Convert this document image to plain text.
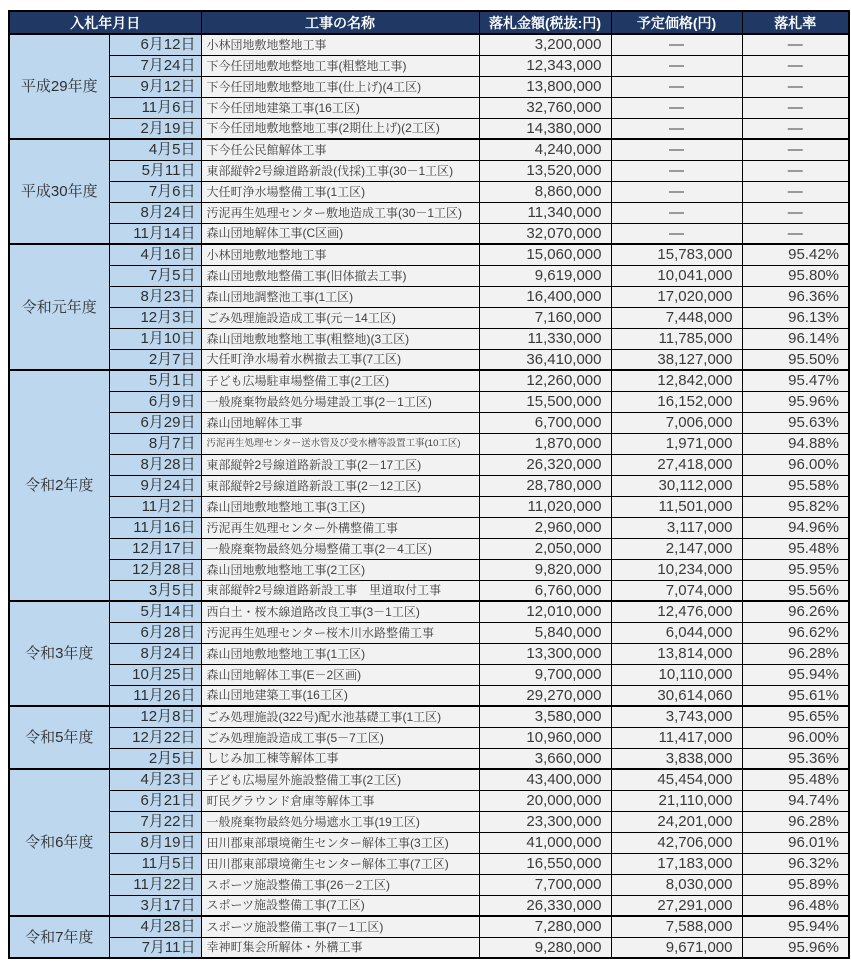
入札年月日		工事の名称	落札金額(税抜:円)	予定価格(円)	落札率
平成29年度	6月12日	小林団地敷地整地工事	3,200,000	—	—
	7月24日	下今任団地敷地整地工事(粗整地工事)	12,343,000	—	—
	9月12日	下今任団地敷地整地工事(仕上げ)(4工区)	13,800,000	—	—
	11月6日	下今任団地建築工事(16工区)	32,760,000	—	—
	2月19日	下今任団地敷地整地工事(2期仕上げ)(2工区)	14,380,000	—	—
平成30年度	4月5日	下今任公民館解体工事	4,240,000	—	—
	5月11日	東部縦幹2号線道路新設(伐採)工事(30－1工区)	13,520,000	—	—
	7月6日	大任町浄水場整備工事(1工区)	8,860,000	—	—
	8月24日	汚泥再生処理センター敷地造成工事(30－1工区)	11,340,000	—	—
	11月14日	森山団地解体工事(C区画)	32,070,000	—	—
令和元年度	4月16日	小林団地敷地整地工事	15,060,000	15,783,000	95.42%
	7月5日	森山団地敷地整備工事(旧体撤去工事)	9,619,000	10,041,000	95.80%
	8月23日	森山団地調整池工事(1工区)	16,400,000	17,020,000	96.36%
	12月3日	ごみ処理施設造成工事(元－14工区)	7,160,000	7,448,000	96.13%
	1月10日	森山団地敷地整地工事(粗整地)(3工区)	11,330,000	11,785,000	96.14%
	2月7日	大任町浄水場着水桝撤去工事(7工区)	36,410,000	38,127,000	95.50%
令和2年度	5月1日	子ども広場駐車場整備工事(2工区)	12,260,000	12,842,000	95.47%
	6月9日	一般廃棄物最終処分場建設工事(2－1工区)	15,500,000	16,152,000	95.96%
	6月29日	森山団地解体工事	6,700,000	7,006,000	95.63%
	8月7日	汚泥再生処理センター送水管及び受水槽等設置工事(10工区)	1,870,000	1,971,000	94.88%
	8月28日	東部縦幹2号線道路新設工事(2－17工区)	26,320,000	27,418,000	96.00%
	9月24日	東部縦幹2号線道路新設工事(2－12工区)	28,780,000	30,112,000	95.58%
	11月2日	森山団地敷地整地工事(3工区)	11,020,000	11,501,000	95.82%
	11月16日	汚泥再生処理センター外構整備工事	2,960,000	3,117,000	94.96%
	12月17日	一般廃棄物最終処分場整備工事(2－4工区)	2,050,000	2,147,000	95.48%
	12月28日	森山団地敷地整地工事(2工区)	9,820,000	10,234,000	95.95%
	3月5日	東部縦幹2号線道路新設工事　里道取付工事	6,760,000	7,074,000	95.56%
令和3年度	5月14日	西白土・桜木線道路改良工事(3－1工区)	12,010,000	12,476,000	96.26%
	6月28日	汚泥再生処理センター桜木川水路整備工事	5,840,000	6,044,000	96.62%
	8月24日	森山団地敷地整地工事(1工区)	13,300,000	13,814,000	96.28%
	10月25日	森山団地解体工事(E－2区画)	9,700,000	10,110,000	95.94%
	11月26日	森山団地建築工事(16工区)	29,270,000	30,614,060	95.61%
令和5年度	12月8日	ごみ処理施設(322号)配水池基礎工事(1工区)	3,580,000	3,743,000	95.65%
	12月22日	ごみ処理施設造成工事(5－7工区)	10,960,000	11,417,000	96.00%
	2月5日	しじみ加工棟等解体工事	3,660,000	3,838,000	95.36%
令和6年度	4月23日	子ども広場屋外施設整備工事(2工区)	43,400,000	45,454,000	95.48%
	6月21日	町民グラウンド倉庫等解体工事	20,000,000	21,110,000	94.74%
	7月22日	一般廃棄物最終処分場遮水工事(19工区)	23,300,000	24,201,000	96.28%
	8月19日	田川郡東部環境衛生センター解体工事(3工区)	41,000,000	42,706,000	96.01%
	11月5日	田川郡東部環境衛生センター解体工事(7工区)	16,550,000	17,183,000	96.32%
	11月22日	スポーツ施設整備工事(26－2工区)	7,700,000	8,030,000	95.89%
	3月17日	スポーツ施設整備工事(7工区)	26,330,000	27,291,000	96.48%
令和7年度	4月28日	スポーツ施設整備工事(7－1工区)	7,280,000	7,588,000	95.94%
	7月11日	幸神町集会所解体・外構工事	9,280,000	9,671,000	95.96%
